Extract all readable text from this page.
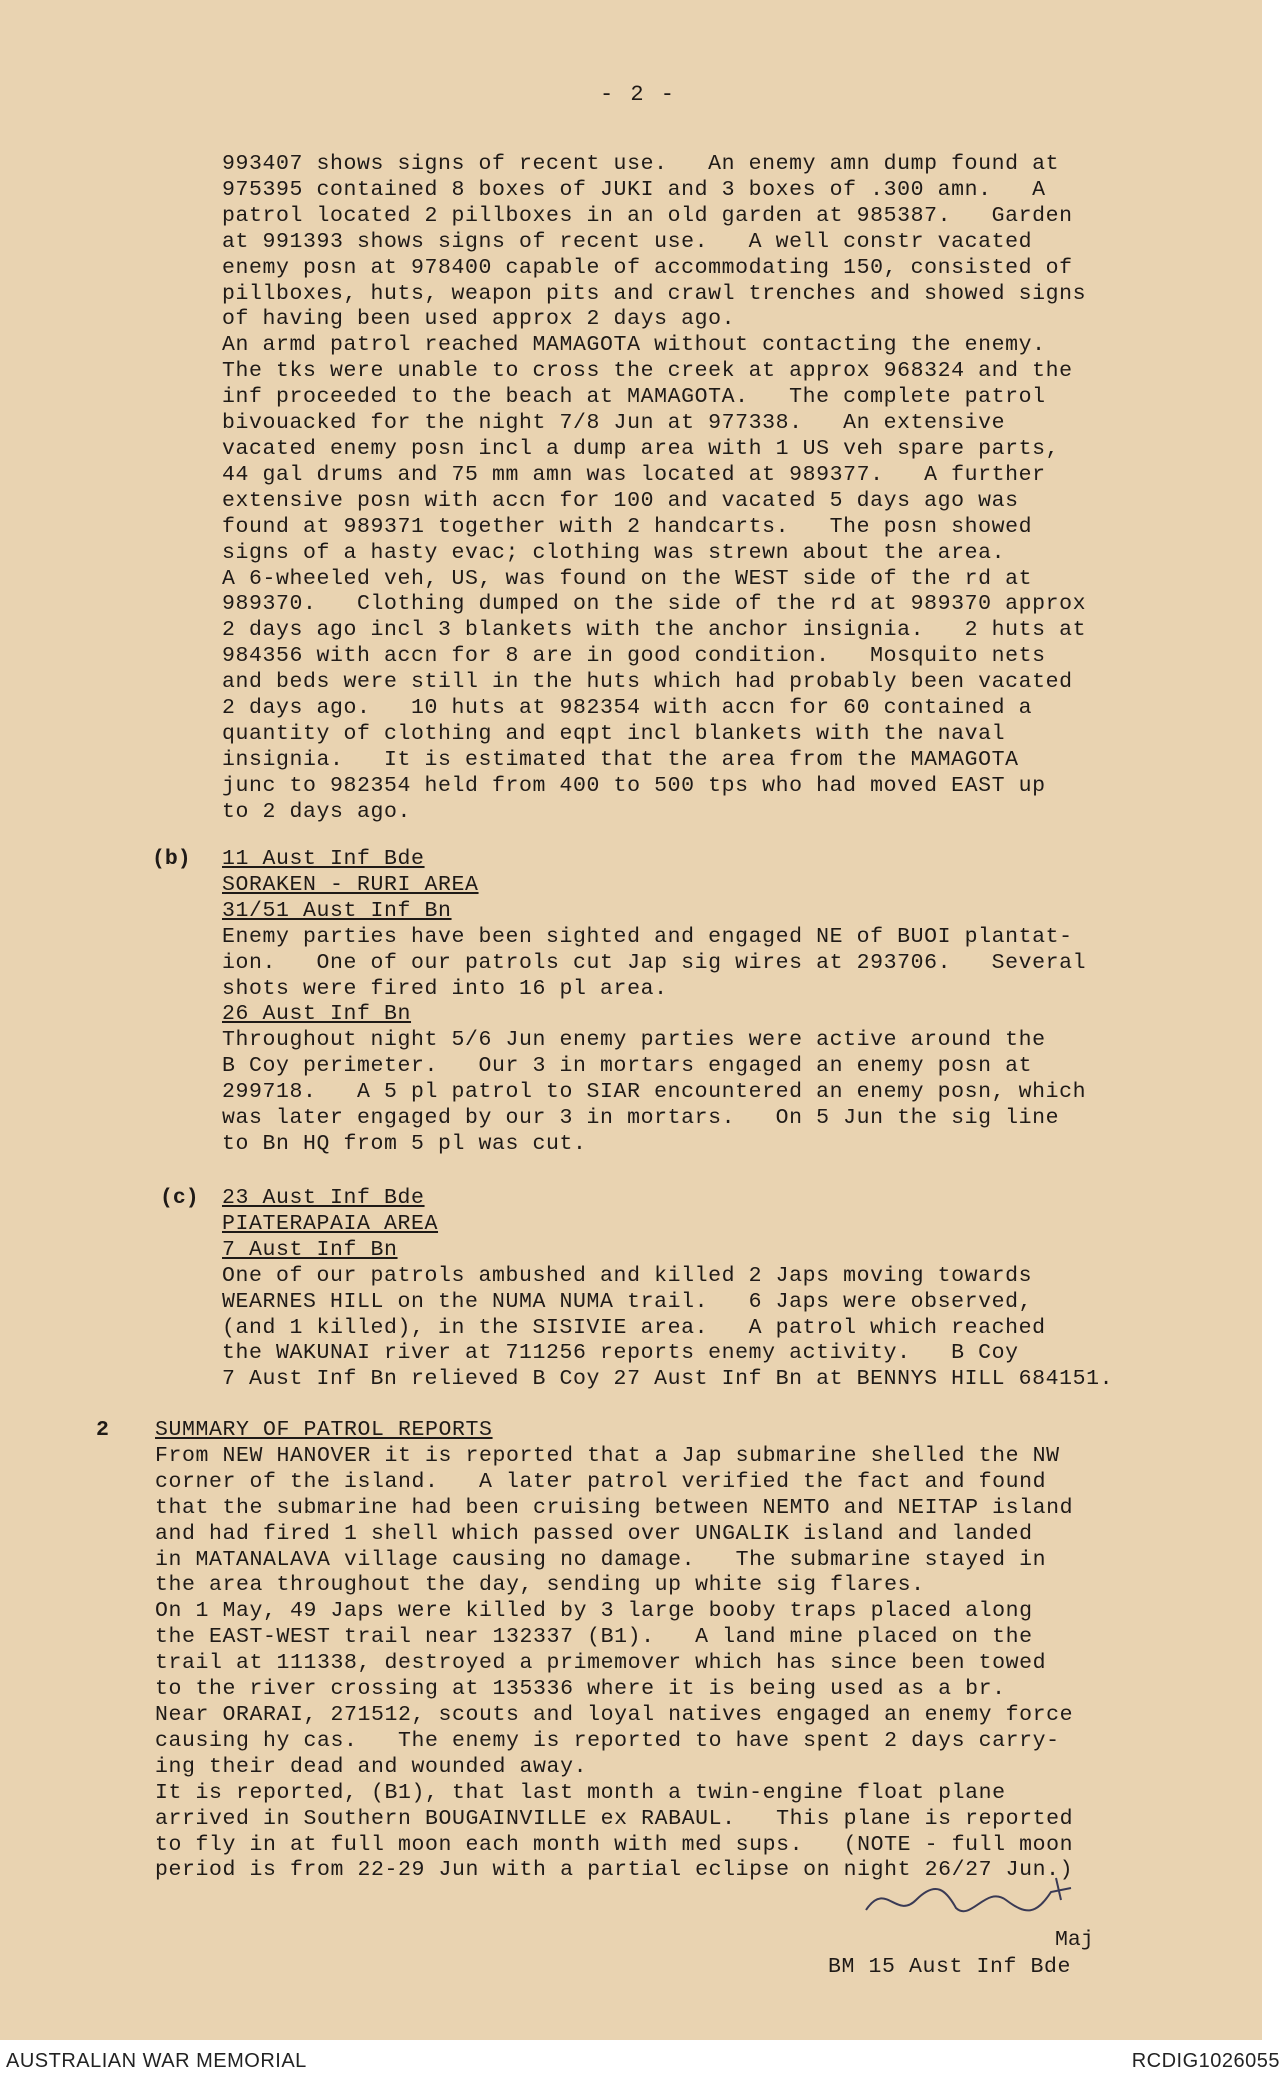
- 2 -
993407 shows signs of recent use.   An enemy amn dump found at
975395 contained 8 boxes of JUKI and 3 boxes of .300 amn.   A
patrol located 2 pillboxes in an old garden at 985387.   Garden
at 991393 shows signs of recent use.   A well constr vacated
enemy posn at 978400 capable of accommodating 150, consisted of
pillboxes, huts, weapon pits and crawl trenches and showed signs
of having been used approx 2 days ago.
An armd patrol reached MAMAGOTA without contacting the enemy.
The tks were unable to cross the creek at approx 968324 and the
inf proceeded to the beach at MAMAGOTA.   The complete patrol
bivouacked for the night 7/8 Jun at 977338.   An extensive
vacated enemy posn incl a dump area with 1 US veh spare parts,
44 gal drums and 75 mm amn was located at 989377.   A further
extensive posn with accn for 100 and vacated 5 days ago was
found at 989371 together with 2 handcarts.   The posn showed
signs of a hasty evac; clothing was strewn about the area.
A 6-wheeled veh, US, was found on the WEST side of the rd at
989370.   Clothing dumped on the side of the rd at 989370 approx
2 days ago incl 3 blankets with the anchor insignia.   2 huts at
984356 with accn for 8 are in good condition.   Mosquito nets
and beds were still in the huts which had probably been vacated
2 days ago.   10 huts at 982354 with accn for 60 contained a
quantity of clothing and eqpt incl blankets with the naval
insignia.   It is estimated that the area from the MAMAGOTA
junc to 982354 held from 400 to 500 tps who had moved EAST up
to 2 days ago.
(b) 11 Aust Inf Bde
SORAKEN - RURI AREA
31/51 Aust Inf Bn
Enemy parties have been sighted and engaged NE of BUOI plantat-
ion.   One of our patrols cut Jap sig wires at 293706.   Several
shots were fired into 16 pl area.
26 Aust Inf Bn
Throughout night 5/6 Jun enemy parties were active around the
B Coy perimeter.   Our 3 in mortars engaged an enemy posn at
299718.   A 5 pl patrol to SIAR encountered an enemy posn, which
was later engaged by our 3 in mortars.   On 5 Jun the sig line
to Bn HQ from 5 pl was cut.
(c) 23 Aust Inf Bde
PIATERAPAIA AREA
7 Aust Inf Bn
One of our patrols ambushed and killed 2 Japs moving towards
WEARNES HILL on the NUMA NUMA trail.   6 Japs were observed,
(and 1 killed), in the SISIVIE area.   A patrol which reached
the WAKUNAI river at 711256 reports enemy activity.   B Coy
7 Aust Inf Bn relieved B Coy 27 Aust Inf Bn at BENNYS HILL 684151.
2 SUMMARY OF PATROL REPORTS
From NEW HANOVER it is reported that a Jap submarine shelled the NW
corner of the island.   A later patrol verified the fact and found
that the submarine had been cruising between NEMTO and NEITAP island
and had fired 1 shell which passed over UNGALIK island and landed
in MATANALAVA village causing no damage.   The submarine stayed in
the area throughout the day, sending up white sig flares.
On 1 May, 49 Japs were killed by 3 large booby traps placed along
the EAST-WEST trail near 132337 (B1).   A land mine placed on the
trail at 111338, destroyed a primemover which has since been towed
to the river crossing at 135336 where it is being used as a br.
Near ORARAI, 271512, scouts and loyal natives engaged an enemy force
causing hy cas.   The enemy is reported to have spent 2 days carry-
ing their dead and wounded away.
It is reported, (B1), that last month a twin-engine float plane
arrived in Southern BOUGAINVILLE ex RABAUL.   This plane is reported
to fly in at full moon each month with med sups.   (NOTE - full moon
period is from 22-29 Jun with a partial eclipse on night 26/27 Jun.)
Maj
BM 15 Aust Inf Bde
AUSTRALIAN WAR MEMORIAL	RCDIG1026055
